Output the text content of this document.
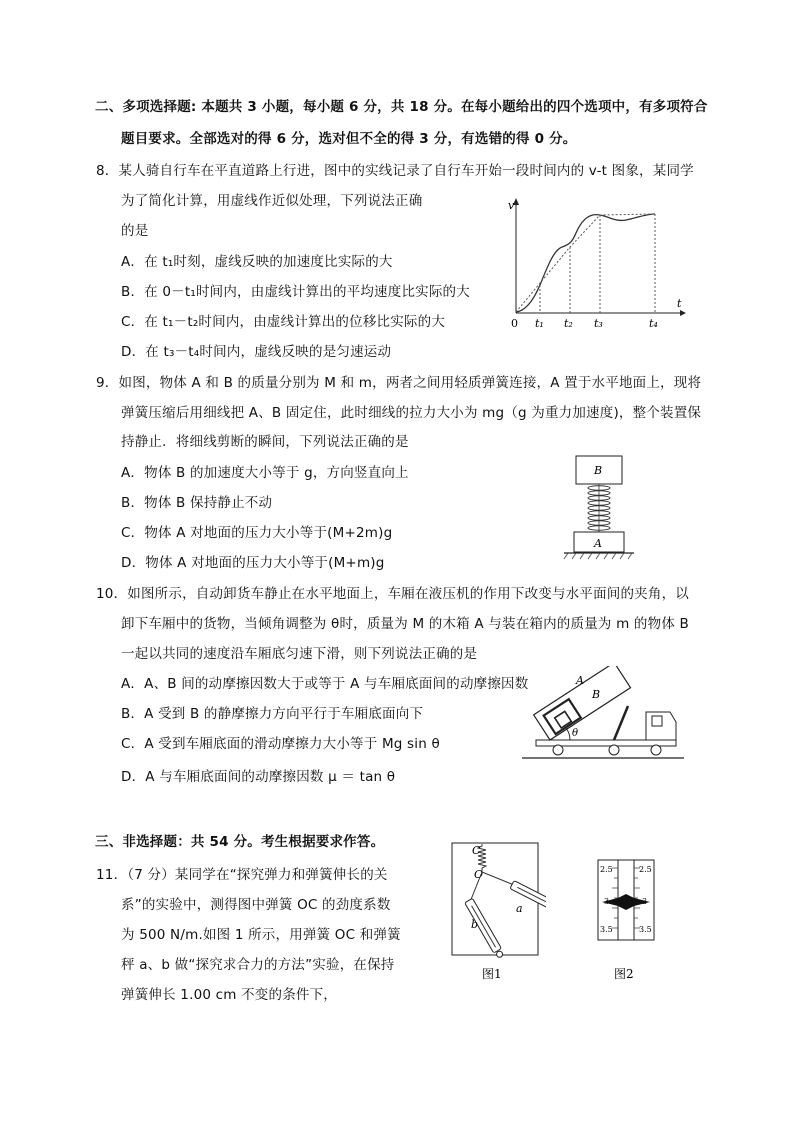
二、多项选择题: 本题共 3 小题，每小题 6 分，共 18 分。在每小题给出的四个选项中，有多项符合
题目要求。全部选对的得 6 分，选对但不全的得 3 分，有选错的得 0 分。
8．某人骑自行车在平直道路上行进，图中的实线记录了自行车开始一段时间内的 v-t 图象，某同学
为了简化计算，用虚线作近似处理，下列说法正确
的是
A．在 t₁时刻，虚线反映的加速度比实际的大
B．在 0－t₁时间内，由虚线计算出的平均速度比实际的大
C．在 t₁－t₂时间内，由虚线计算出的位移比实际的大
D．在 t₃－t₄时间内，虚线反映的是匀速运动
v
t
0 t₁ t₂ t₃	t₄
9．如图，物体 A 和 B 的质量分别为 M 和 m，两者之间用轻质弹簧连接，A 置于水平地面上，现将
弹簧压缩后用细线把 A、B 固定住，此时细线的拉力大小为 mg（g 为重力加速度)，整个装置保
持静止．将细线剪断的瞬间，下列说法正确的是
A．物体 B 的加速度大小等于 g，方向竖直向上
B．物体 B 保持静止不动
C．物体 A 对地面的压力大小等于(M+2m)g
D．物体 A 对地面的压力大小等于(M+m)g
B
A
10．如图所示，自动卸货车静止在水平地面上，车厢在液压机的作用下改变与水平面间的夹角，以
卸下车厢中的货物，当倾角调整为 θ时，质量为 M 的木箱 A 与装在箱内的质量为 m 的物体 B
一起以共同的速度沿车厢底匀速下滑，则下列说法正确的是
A．A、B 间的动摩擦因数大于或等于 A 与车厢底面间的动摩擦因数
B．A 受到 B 的静摩擦力方向平行于车厢底面向下
C．A 受到车厢底面的滑动摩擦力大小等于 Mg sin θ
D．A 与车厢底面间的动摩擦因数 μ ＝ tan θ
θ
A
B
三、非选择题：共 54 分。考生根据要求作答。
11．（7 分）某同学在“探究弹力和弹簧伸长的关
系”的实验中，测得图中弹簧 OC 的劲度系数
为 500 N/m.如图 1 所示，用弹簧 OC 和弹簧
秤 a、b 做“探究求合力的方法”实验，在保持
弹簧伸长 1.00 cm 不变的条件下，
C
O
a
b
图1
2.5	2.5
3	3
3.5	3.5
图2
